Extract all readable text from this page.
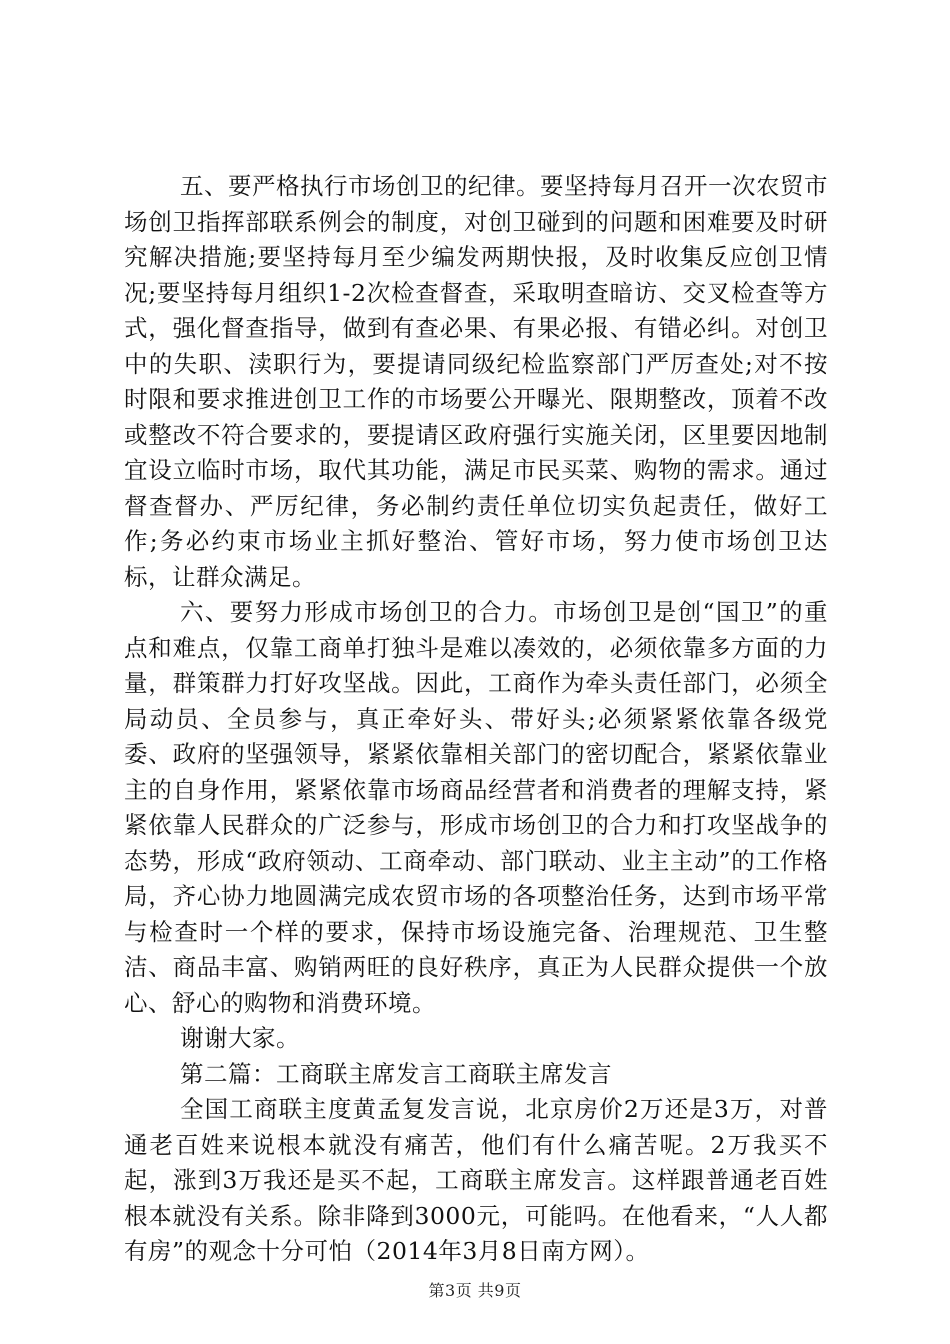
五、要严格执行市场创卫的纪律。要坚持每月召开一次农贸市场创卫指挥部联系例会的制度，对创卫碰到的问题和困难要及时研究解决措施;要坚持每月至少编发两期快报，及时收集反应创卫情况;要坚持每月组织1-2次检查督查，采取明查暗访、交叉检查等方式，强化督查指导，做到有查必果、有果必报、有错必纠。对创卫中的失职、渎职行为，要提请同级纪检监察部门严厉查处;对不按时限和要求推进创卫工作的市场要公开曝光、限期整改，顶着不改或整改不符合要求的，要提请区政府强行实施关闭，区里要因地制宜设立临时市场，取代其功能，满足市民买菜、购物的需求。通过督查督办、严厉纪律，务必制约责任单位切实负起责任，做好工作;务必约束市场业主抓好整治、管好市场，努力使市场创卫达标，让群众满足。

六、要努力形成市场创卫的合力。市场创卫是创“国卫”的重点和难点，仅靠工商单打独斗是难以凑效的，必须依靠多方面的力量，群策群力打好攻坚战。因此，工商作为牵头责任部门，必须全局动员、全员参与，真正牵好头、带好头;必须紧紧依靠各级党委、政府的坚强领导，紧紧依靠相关部门的密切配合，紧紧依靠业主的自身作用，紧紧依靠市场商品经营者和消费者的理解支持，紧紧依靠人民群众的广泛参与，形成市场创卫的合力和打攻坚战争的态势，形成“政府领动、工商牵动、部门联动、业主主动”的工作格局，齐心协力地圆满完成农贸市场的各项整治任务，达到市场平常与检查时一个样的要求，保持市场设施完备、治理规范、卫生整洁、商品丰富、购销两旺的良好秩序，真正为人民群众提供一个放心、舒心的购物和消费环境。

谢谢大家。

第二篇：工商联主席发言工商联主席发言

全国工商联主度黄孟复发言说，北京房价2万还是3万，对普通老百姓来说根本就没有痛苦，他们有什么痛苦呢。2万我买不起，涨到3万我还是买不起，工商联主席发言。这样跟普通老百姓根本就没有关系。除非降到3000元，可能吗。在他看来，“人人都有房”的观念十分可怕（2014年3月8日南方网）。

第3页 共9页
